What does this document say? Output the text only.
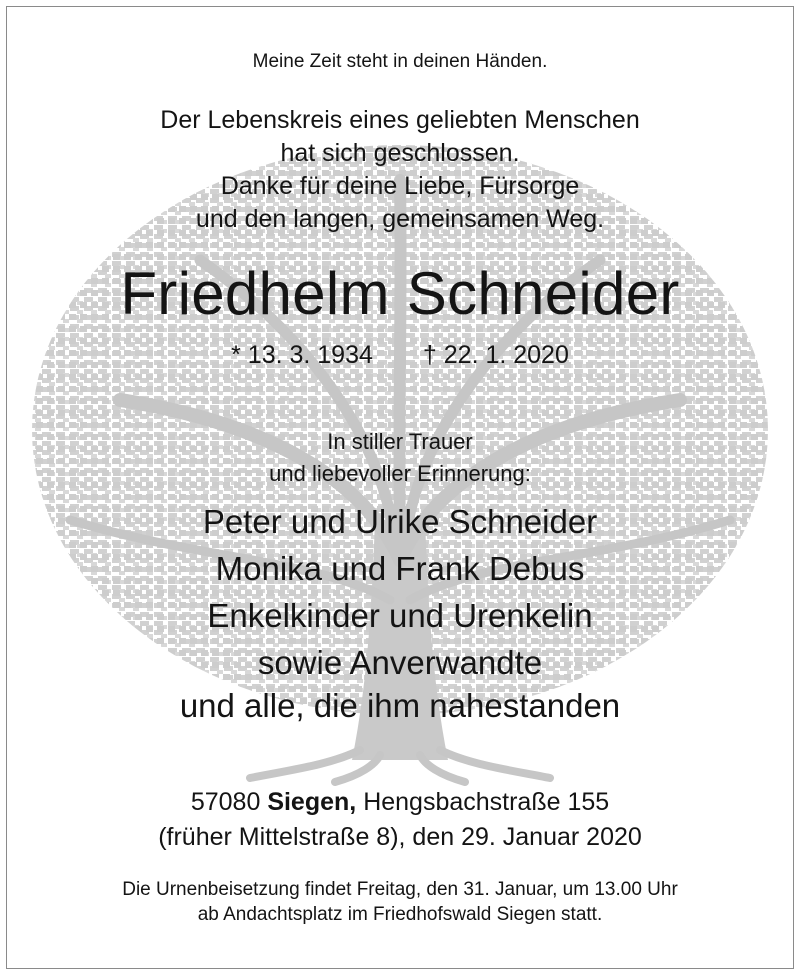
Meine Zeit steht in deinen Händen.
Der Lebenskreis eines geliebten Menschen
hat sich geschlossen.
Danke für deine Liebe, Fürsorge
und den langen, gemeinsamen Weg.
Friedhelm Schneider
* 13. 3. 1934 † 22. 1. 2020
In stiller Trauer
und liebevoller Erinnerung:
Peter und Ulrike Schneider
Monika und Frank Debus
Enkelkinder und Urenkelin
sowie Anverwandte
und alle, die ihm nahestanden
57080 Siegen, Hengsbachstraße 155
(früher Mittelstraße 8), den 29. Januar 2020
Die Urnenbeisetzung findet Freitag, den 31. Januar, um 13.00 Uhr
ab Andachtsplatz im Friedhofswald Siegen statt.
